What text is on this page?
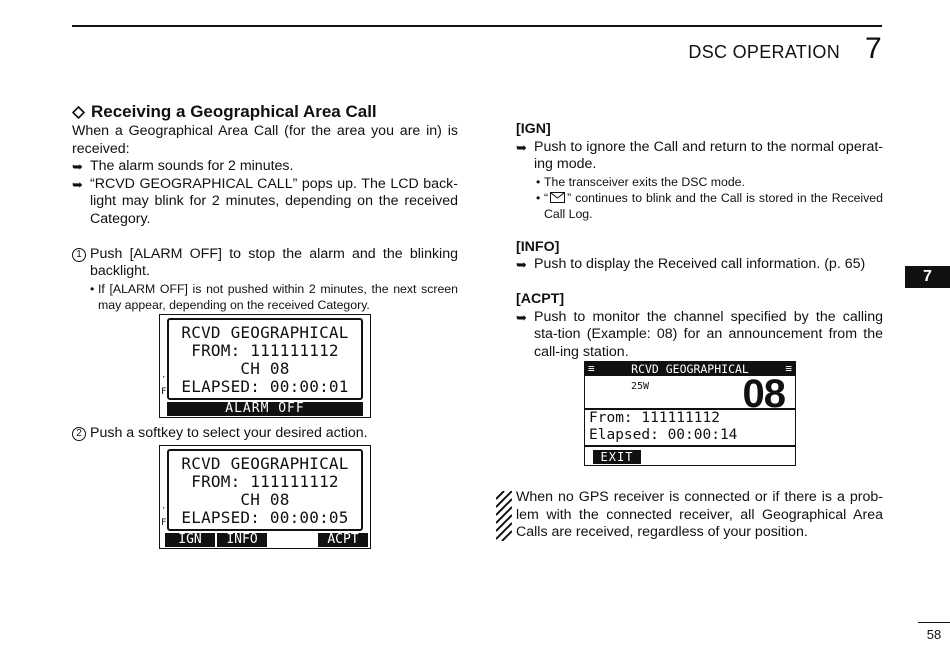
DSC OPERATION 7
7
Receiving a Geographical Area Call
When a Geographical Area Call (for the area you are in) is received:
➥ The alarm sounds for 2 minutes.
➥ “RCVD GEOGRAPHICAL CALL” pops up. The LCD back-light may blink for 2 minutes, depending on the received Category.
1 Push [ALARM OFF] to stop the alarm and the blinking backlight.
• If [ALARM OFF] is not pushed within 2 minutes, the next screen may appear, depending on the received Category.
·
F
RCVD GEOGRAPHICAL
FROM: 111111112
CH 08
ELAPSED: 00:00:01
ALARM OFF
2 Push a softkey to select your desired action.
·
F
RCVD GEOGRAPHICAL
FROM: 111111112
CH 08
ELAPSED: 00:00:05
IGN	INFO	ACPT
[IGN]
➥ Push to ignore the Call and return to the normal operat-ing mode.
• The transceiver exits the DSC mode.
• “ ” continues to blink and the Call is stored in the Received Call Log.
[INFO]
➥ Push to display the Received call information. (p. 65)
[ACPT]
➥ Push to monitor the channel specified by the calling sta-tion (Example: 08) for an announcement from the call-ing station.
≡	RCVD GEOGRAPHICAL	≡
25W 08
From: 111111112
Elapsed: 00:00:14
EXIT
When no GPS receiver is connected or if there is a prob-lem with the connected receiver, all Geographical Area Calls are received, regardless of your position.
58
